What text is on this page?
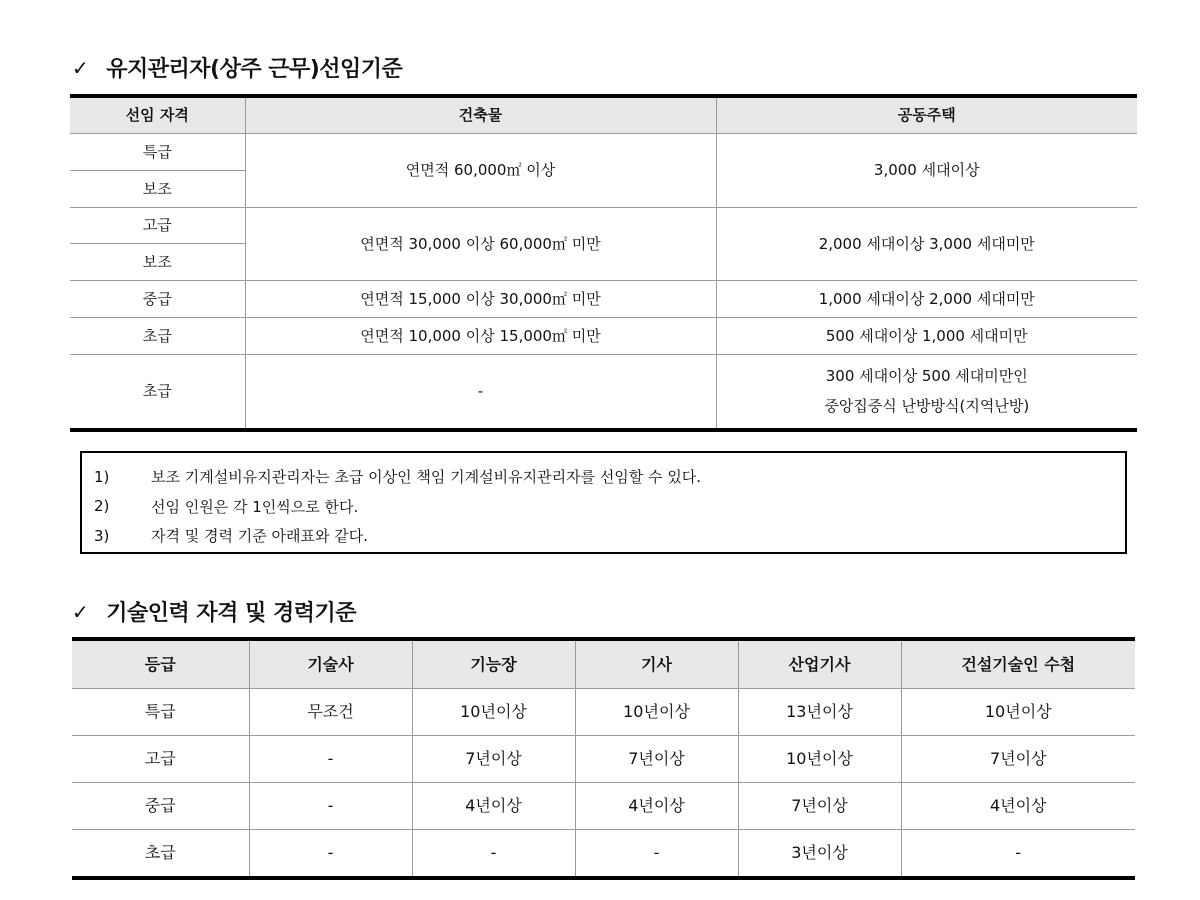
✓ 유지관리자(상주 근무)선임기준
선임 자격	건축물	공동주택
특급	연면적 60,000㎡ 이상	3,000 세대이상
보조		
고급	연면적 30,000 이상 60,000㎡ 미만	2,000 세대이상 3,000 세대미만
보조		
중급	연면적 15,000 이상 30,000㎡ 미만	1,000 세대이상 2,000 세대미만
초급	연면적 10,000 이상 15,000㎡ 미만	500 세대이상 1,000 세대미만
초급	-	300 세대이상 500 세대미만인
중앙집중식 난방방식(지역난방)
1)	보조 기계설비유지관리자는 초급 이상인 책임 기계설비유지관리자를 선임할 수 있다.
2)	선임 인원은 각 1인씩으로 한다.
3)	자격 및 경력 기준 아래표와 같다.
✓ 기술인력 자격 및 경력기준
등급	기술사	기능장	기사	산업기사	건설기술인 수첩
특급	무조건	10년이상	10년이상	13년이상	10년이상
고급	-	7년이상	7년이상	10년이상	7년이상
중급	-	4년이상	4년이상	7년이상	4년이상
초급	-	-	-	3년이상	-
